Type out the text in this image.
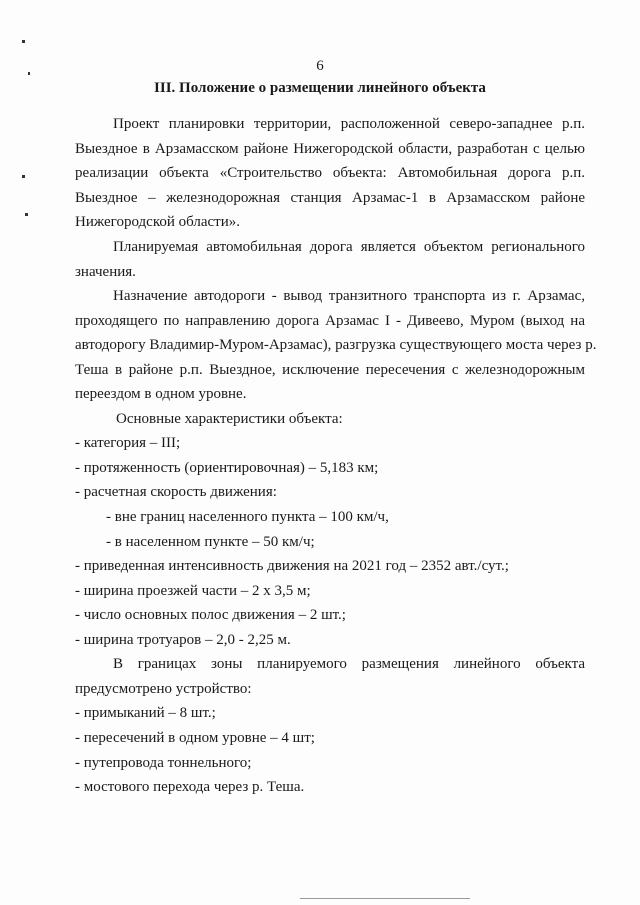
6
III. Положение о размещении линейного объекта
Проект планировки территории, расположенной северо-западнее р.п.
Выездное в Арзамасском районе Нижегородской области, разработан с целью
реализации объекта «Строительство объекта: Автомобильная дорога р.п.
Выездное – железнодорожная станция Арзамас-1 в Арзамасском районе
Нижегородской области».
Планируемая автомобильная дорога является объектом регионального
значения.
Назначение автодороги - вывод транзитного транспорта из г. Арзамас,
проходящего по направлению дорога Арзамас I - Дивеево, Муром (выход на
автодорогу Владимир-Муром-Арзамас), разгрузка существующего моста через р.
Теша в районе р.п. Выездное, исключение пересечения с железнодорожным
переездом в одном уровне.
Основные характеристики объекта:
- категория – III;
- протяженность (ориентировочная) – 5,183 км;
- расчетная скорость движения:
- вне границ населенного пункта – 100 км/ч,
- в населенном пункте – 50 км/ч;
- приведенная интенсивность движения на 2021 год – 2352 авт./сут.;
- ширина проезжей части – 2 х 3,5 м;
- число основных полос движения – 2 шт.;
- ширина тротуаров – 2,0 - 2,25 м.
В границах зоны планируемого размещения линейного объекта
предусмотрено устройство:
- примыканий – 8 шт.;
- пересечений в одном уровне – 4 шт;
- путепровода тоннельного;
- мостового перехода через р. Теша.
